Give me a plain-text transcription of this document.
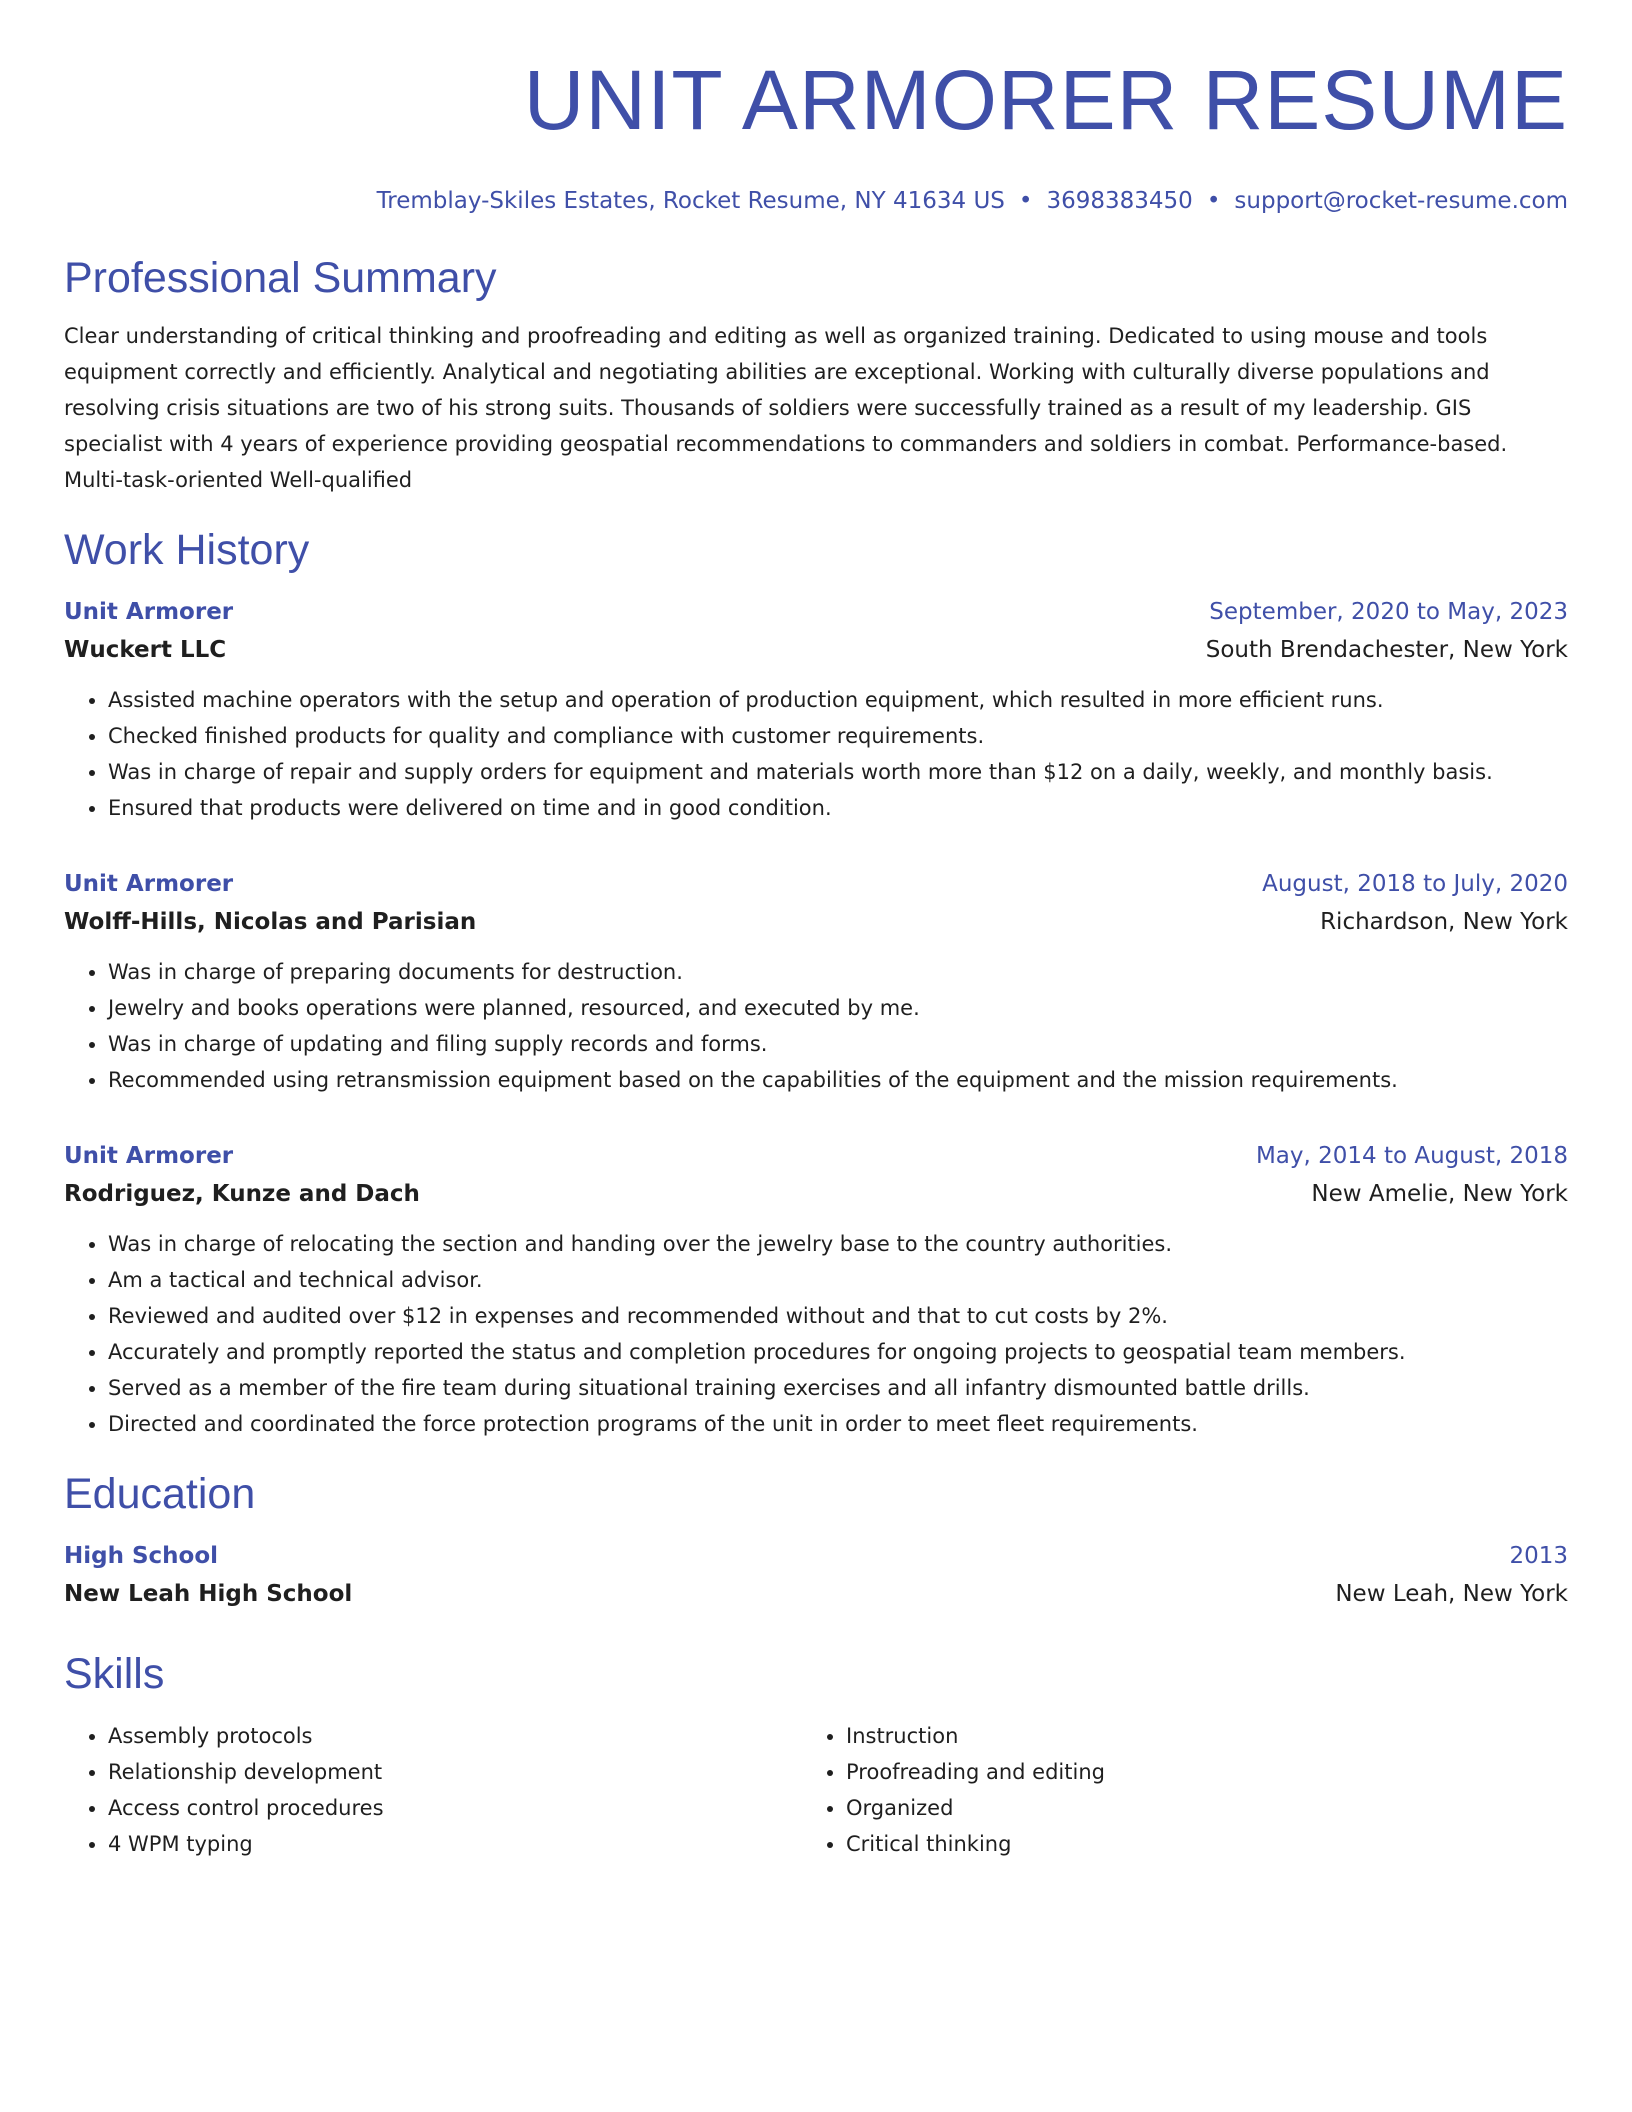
UNIT ARMORER RESUME
Tremblay-Skiles Estates, Rocket Resume, NY 41634 US • 3698383450 • support@rocket-resume.com
Professional Summary

Clear understanding of critical thinking and proofreading and editing as well as organized training. Dedicated to using mouse and tools equipment correctly and efficiently. Analytical and negotiating abilities are exceptional. Working with culturally diverse populations and resolving crisis situations are two of his strong suits. Thousands of soldiers were successfully trained as a result of my leadership. GIS specialist with 4 years of experience providing geospatial recommendations to commanders and soldiers in combat. Performance-based. Multi-task-oriented Well-qualified

Work History
Unit Armorer	September, 2020 to May, 2023
Wuckert LLC	South Brendachester, New York
• Assisted machine operators with the setup and operation of production equipment, which resulted in more efficient runs.
• Checked finished products for quality and compliance with customer requirements.
• Was in charge of repair and supply orders for equipment and materials worth more than $12 on a daily, weekly, and monthly basis.
• Ensured that products were delivered on time and in good condition.
Unit Armorer	August, 2018 to July, 2020
Wolff-Hills, Nicolas and Parisian	Richardson, New York
• Was in charge of preparing documents for destruction.
• Jewelry and books operations were planned, resourced, and executed by me.
• Was in charge of updating and filing supply records and forms.
• Recommended using retransmission equipment based on the capabilities of the equipment and the mission requirements.
Unit Armorer	May, 2014 to August, 2018
Rodriguez, Kunze and Dach	New Amelie, New York
• Was in charge of relocating the section and handing over the jewelry base to the country authorities.
• Am a tactical and technical advisor.
• Reviewed and audited over $12 in expenses and recommended without and that to cut costs by 2%.
• Accurately and promptly reported the status and completion procedures for ongoing projects to geospatial team members.
• Served as a member of the fire team during situational training exercises and all infantry dismounted battle drills.
• Directed and coordinated the force protection programs of the unit in order to meet fleet requirements.
Education
High School	2013
New Leah High School	New Leah, New York
Skills
• Assembly protocols
• Relationship development
• Access control procedures
• 4 WPM typing
• Instruction
• Proofreading and editing
• Organized
• Critical thinking
